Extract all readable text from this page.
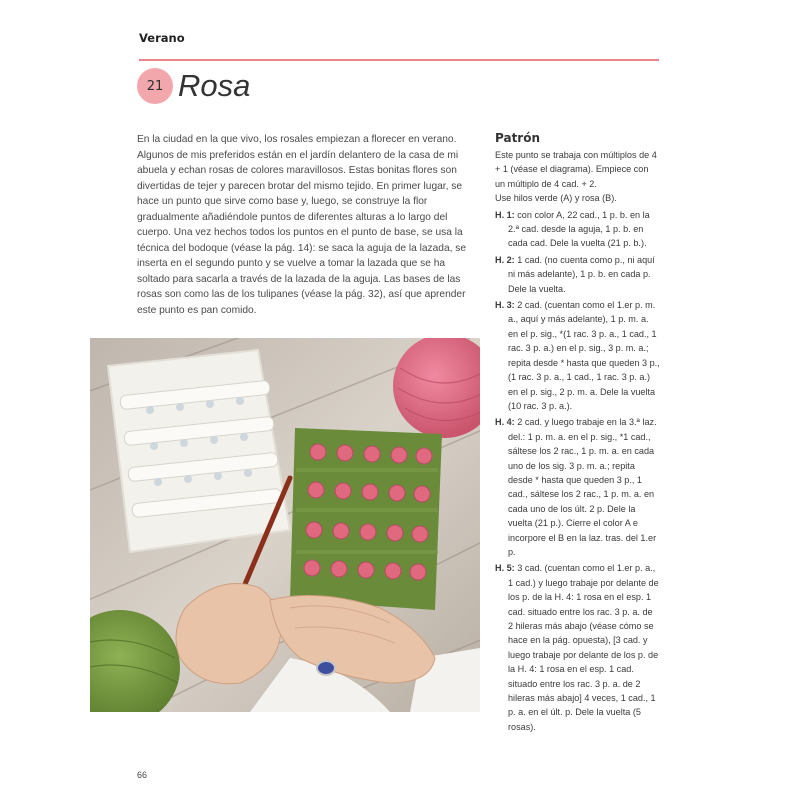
Verano
21 Rosa

En la ciudad en la que vivo, los rosales empiezan a florecer en verano. Algunos de mis preferidos están en el jardín delantero de la casa de mi abuela y echan rosas de colores maravillosos. Estas bonitas flores son divertidas de tejer y parecen brotar del mismo tejido. En primer lugar, se hace un punto que sirve como base y, luego, se construye la flor gradualmente añadiéndole puntos de diferentes alturas a lo largo del cuerpo. Una vez hechos todos los puntos en el punto de base, se usa la técnica del bodoque (véase la pág. 14): se saca la aguja de la lazada, se inserta en el segundo punto y se vuelve a tomar la lazada que se ha soltado para sacarla a través de la lazada de la aguja. Las bases de las rosas son como las de los tulipanes (véase la pág. 32), así que aprender este punto es pan comido.

Patrón

Este punto se trabaja con múltiplos de 4 + 1 (véase el diagrama). Empiece con un múltiplo de 4 cad. + 2.

Use hilos verde (A) y rosa (B).

H. 1: con color A, 22 cad., 1 p. b. en la 2.ª cad. desde la aguja, 1 p. b. en cada cad. Dele la vuelta (21 p. b.).

H. 2: 1 cad. (no cuenta como p., ni aquí ni más adelante), 1 p. b. en cada p. Dele la vuelta.

H. 3: 2 cad. (cuentan como el 1.er p. m. a., aquí y más adelante), 1 p. m. a. en el p. sig., *(1 rac. 3 p. a., 1 cad., 1 rac. 3 p. a.) en el p. sig., 3 p. m. a.; repita desde * hasta que queden 3 p., (1 rac. 3 p. a., 1 cad., 1 rac. 3 p. a.) en el p. sig., 2 p. m. a. Dele la vuelta (10 rac. 3 p. a.).

H. 4: 2 cad. y luego trabaje en la 3.ª laz. del.: 1 p. m. a. en el p. sig., *1 cad., sáltese los 2 rac., 1 p. m. a. en cada uno de los sig. 3 p. m. a.; repita desde * hasta que queden 3 p., 1 cad., sáltese los 2 rac., 1 p. m. a. en cada uno de los últ. 2 p. Dele la vuelta (21 p.). Cierre el color A e incorpore el B en la laz. tras. del 1.er p.

H. 5: 3 cad. (cuentan como el 1.er p. a., 1 cad.) y luego trabaje por delante de los p. de la H. 4: 1 rosa en el esp. 1 cad. situado entre los rac. 3 p. a. de 2 hileras más abajo (véase cómo se hace en la pág. opuesta), [3 cad. y luego trabaje por delante de los p. de la H. 4: 1 rosa en el esp. 1 cad. situado entre los rac. 3 p. a. de 2 hileras más abajo] 4 veces, 1 cad., 1 p. a. en el últ. p. Dele la vuelta (5 rosas).

66
